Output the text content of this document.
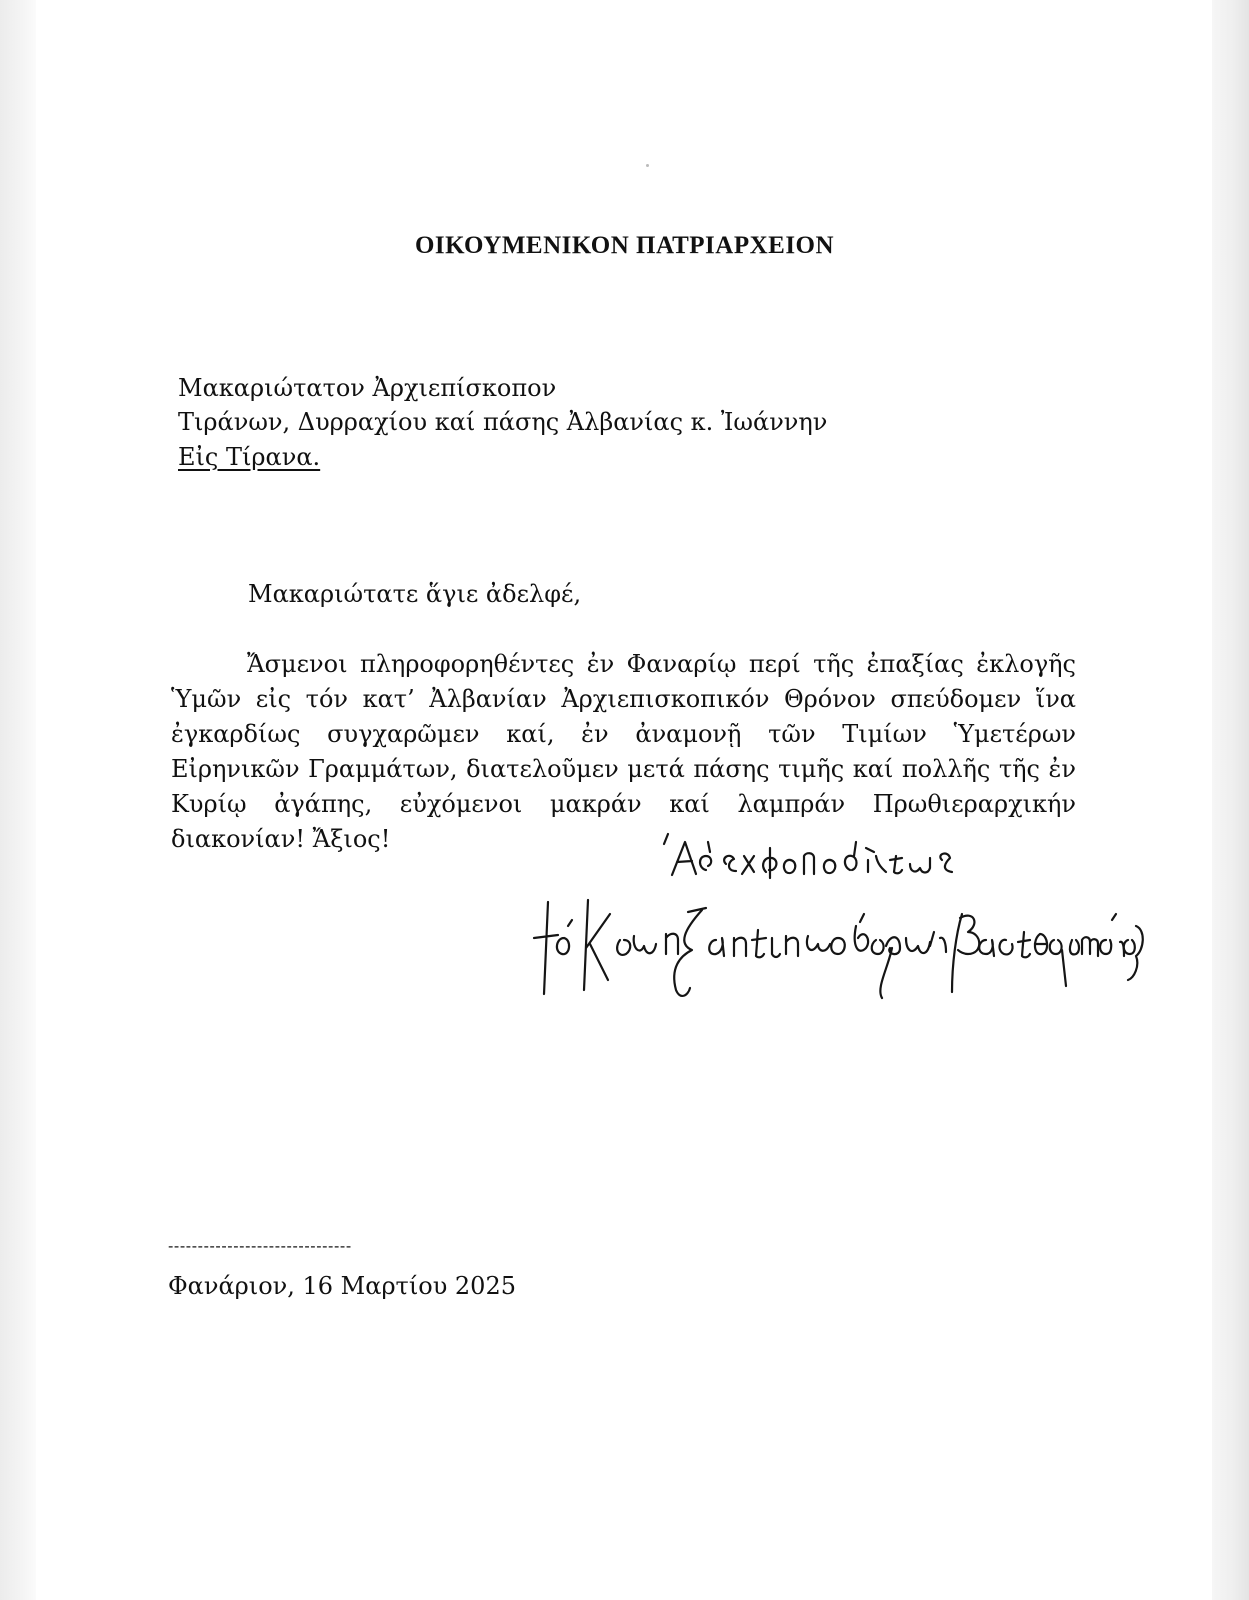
ΟΙΚΟΥΜΕΝΙΚΟΝ ΠΑΤΡΙΑΡΧΕΙΟΝ
Μακαριώτατον Ἀρχιεπίσκοπον
Τιράνων, Δυρραχίου καί πάσης Ἀλβανίας κ. Ἰωάννην
Εἰς Τίρανα.
Μακαριώτατε ἅγιε ἀδελφέ,

Ἄσμενοι πληροφορηθέντες ἐν Φαναρίῳ περί τῆς ἐπαξίας ἐκλογῆς Ὑμῶν εἰς τόν κατ’ Ἀλβανίαν Ἀρχιεπισκοπικόν Θρόνον σπεύδομεν ἵνα ἐγκαρδίως συγχαρῶμεν καί, ἐν ἀναμονῇ τῶν Τιμίων Ὑμετέρων Εἰρηνικῶν Γραμμάτων, διατελοῦμεν μετά πάσης τιμῆς καί πολλῆς τῆς ἐν Κυρίῳ ἀγάπης, εὐχόμενοι μακράν καί λαμπράν Πρωθιεραρχικήν διακονίαν! Ἄξιος!

-------------------------------
Φανάριον, 16 Μαρτίου 2025
